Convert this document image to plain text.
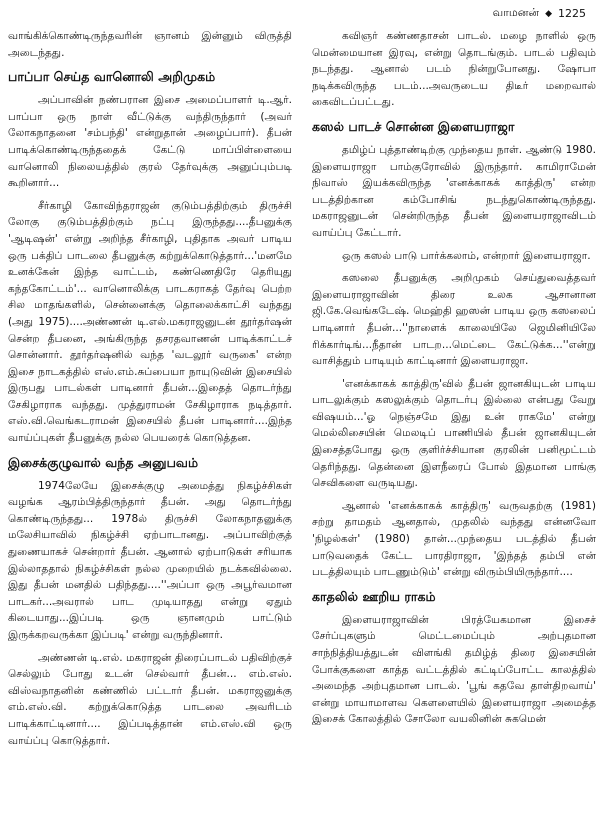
வாமனன் ◆ 1225

வாங்கிக்கொண்டிருந்தவரின் ஞானம் இன்னும் விருத்தி அடைந்தது.

பாப்பா செய்த வானொலி அறிமுகம்

அப்பாவின் நண்பரான இசை அமைப்பாளர் டி.ஆர். பாப்பா ஒரு நாள் வீட்டுக்கு வந்திருந்தார் (அவர் லோகநாதனை 'சம்பந்தி' என்றுதான் அழைப்பார்). தீபன் பாடிக்கொண்டிருந்ததைக் கேட்டு மாப்பிள்ளையை வானொலி நிலையத்தில் குரல் தேர்வுக்கு அனுப்பும்படி கூறினார்...

சீர்காழி கோவிந்தராஜன் குடும்பத்திற்கும் திருச்சி லோகு குடும்பத்திற்கும் நட்பு இருந்தது....தீபனுக்கு 'ஆடிஷன்' என்று அறிந்த சீர்காழி, புதிதாக அவர் பாடிய ஒரு பக்திப் பாடலை தீபனுக்கு கற்றுக்கொடுத்தார்...'மனமே உனக்கேன் இந்த வாட்டம், கண்ணெதிரே தெரியுது கந்தகோட்டம்'... வானொலிக்கு பாடகராகத் தேர்வு பெற்ற சில மாதங்களில், சென்னைக்கு தொலைக்காட்சி வந்தது (அது 1975)....அண்ணன் டி.எல்.மகராஜனுடன் தூர்தர்ஷன் சென்ற தீபனை, அங்கிருந்த தசரதவாணன் பாடிக்காட்டச் சொன்னார். தூர்தர்ஷனில் வந்த 'வடலூர் வருகை' என்ற இசை நாடகத்தில் எஸ்.எம்.சுப்பையா நாயுடுவின் இசையில் இருபது பாடல்கள் பாடினார் தீபன்...இதைத் தொடர்ந்து சேகிழாராக வந்தது. முத்துராமன் சேகிழாராக நடித்தார். எஸ்.வி.வெங்கடராமன் இசையில் தீபன் பாடினார்....இந்த வாய்ப்புகள் தீபனுக்கு நல்ல பெயரைக் கொடுத்தன.

இசைக்குழுவால் வந்த அனுபவம்

1974லேயே இசைக்குழு அமைத்து நிகழ்ச்சிகள் வழங்க ஆரம்பித்திருந்தார் தீபன். அது தொடர்ந்து கொண்டிருந்தது... 1978ல் திருச்சி லோகநாதனுக்கு மலேசியாவில் நிகழ்ச்சி ஏற்பாடானது. அப்பாவிற்குத் துணையாகச் சென்றார் தீபன். ஆனால் ஏற்பாடுகள் சரியாக இல்லாததால் நிகழ்ச்சிகள் நல்ல முறையில் நடக்கவில்லை. இது தீபன் மனதில் பதிந்தது....''அப்பா ஒரு அபூர்வமான பாடகர்...அவரால் பாட முடியாதது என்று ஏதும் கிடையாது...இப்படி ஒரு ஞானமும் பாட்டும் இருக்கறவருக்கா இப்படி' என்று வருந்தினார்.

அண்ணன் டி.எல். மகராஜன் திரைப்பாடல் பதிவிற்குச் செல்லும் போது உடன் செல்வார் தீபன்... எம்.எஸ். விஸ்வநாதனின் கண்ணில் பட்டார் தீபன். மகராஜனுக்கு எம்.எஸ்.வி. கற்றுக்கொடுத்த பாடலை அவரிடம் பாடிக்காட்டினார்.... இப்படித்தான் எம்.எஸ்.வி ஒரு வாய்ப்பு கொடுத்தார்.

கவிஞர் கண்ணதாசன் பாடல். மழை நாளில் ஒரு மென்மையான இரவு, என்று தொடங்கும். பாடல் பதிவும் நடந்தது. ஆனால் படம் நின்றுபோனது. ஷோபா நடிக்கவிருந்த படம்...அவருடைய திடீர் மறைவால் கைவிடப்பட்டது.

கஸல் பாடச் சொன்ன இளையராஜா

தமிழ்ப் புத்தாண்டிற்கு முந்தைய நாள். ஆண்டு 1980. இளையராஜா பாம்குரோவில் இருந்தார். காமிராமேன் நிவாஸ் இயக்கவிருந்த 'எனக்காகக் காத்திரு' என்ற படத்திற்கான கம்போசிங் நடந்துகொண்டிருந்தது. மகராஜனுடன் சென்றிருந்த தீபன் இளையராஜாவிடம் வாய்ப்பு கேட்டார்.

ஒரு கஸல் பாடு பார்க்கலாம், என்றார் இளையராஜா.

கஸலை தீபனுக்கு அறிமுகம் செய்துவைத்தவர் இளையராஜாவின் திரை உலக ஆசானான ஜி.கே.வெங்கடேஷ். மெஹ்தி ஹஸன் பாடிய ஒரு கஸலைப் பாடினார் தீபன்...''நாளைக் காலையிலே ஜெமினியிலே ரிக்கார்டிங்...நீதான் பாடற...மெட்டை கேட்டுக்க...''என்று வாசித்தும் பாடியும் காட்டினார் இளையராஜா.

'எனக்காகக் காத்திரு'வில் தீபன் ஜானகியுடன் பாடிய பாடலுக்கும் கஸலுக்கும் தொடர்பு இல்லை என்பது வேறு விஷயம்...'ஓ நெஞ்சமே இது உன் ராகமே' என்று மெல்லிசையின் மெலடிப் பாணியில் தீபன் ஜானகியுடன் இசைத்தபோது ஒரு குளிர்ச்சியான குரலின் பனிமூட்டம் தெரிந்தது. தென்னை இளநீரைப் போல் இதமான பாங்கு செவிகளை வருடியது.

ஆனால் 'எனக்காகக் காத்திரு' வருவதற்கு (1981) சற்று தாமதம் ஆனதால், முதலில் வந்தது என்னவோ 'நிழல்கள்' (1980) தான்...முந்தைய படத்தில் தீபன் பாடுவதைக் கேட்ட பாரதிராஜா, 'இந்தத் தம்பி என் படத்திலயும் பாடணும்டும்' என்று விரும்பியிருந்தார்....

காதலில் ஊறிய ராகம்

இளையராஜாவின் பிரத்யேகமான இசைச் சேர்ப்புகளும் மெட்டமைப்பும் அற்புதமான சாந்நித்தியத்துடன் விளங்கி தமிழ்த் திரை இசையின் போக்குகளை காத்த வட்டத்தில் கட்டிப்போட்ட காலத்தில் அமைந்த அற்புதமான பாடல். 'பூங் கதவே தாள்திறவாய்' என்று மாயாமாளவ கௌளையில் இளையராஜா அமைத்த இசைக் கோலத்தில் சோலோ வயலினின் சுகமென்
